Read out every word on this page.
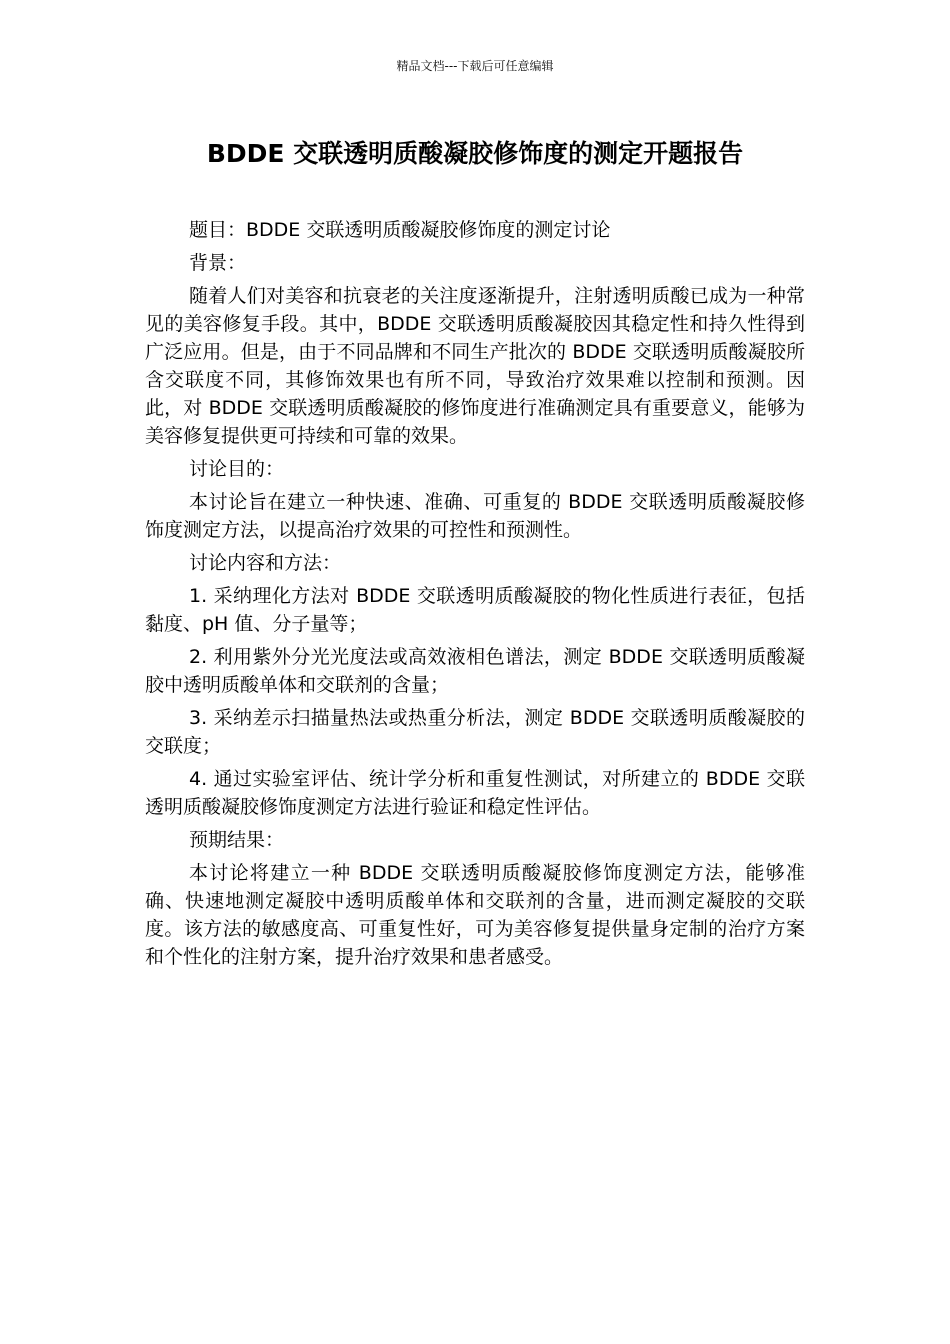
精品文档---下载后可任意编辑
BDDE 交联透明质酸凝胶修饰度的测定开题报告

题目：BDDE 交联透明质酸凝胶修饰度的测定讨论

背景：

随着人们对美容和抗衰老的关注度逐渐提升，注射透明质酸已成为一种常见的美容修复手段。其中，BDDE 交联透明质酸凝胶因其稳定性和持久性得到广泛应用。但是，由于不同品牌和不同生产批次的 BDDE 交联透明质酸凝胶所含交联度不同，其修饰效果也有所不同，导致治疗效果难以控制和预测。因此，对 BDDE 交联透明质酸凝胶的修饰度进行准确测定具有重要意义，能够为美容修复提供更可持续和可靠的效果。

讨论目的：

本讨论旨在建立一种快速、准确、可重复的 BDDE 交联透明质酸凝胶修饰度测定方法，以提高治疗效果的可控性和预测性。

讨论内容和方法：

1. 采纳理化方法对 BDDE 交联透明质酸凝胶的物化性质进行表征，包括黏度、pH 值、分子量等；

2. 利用紫外分光光度法或高效液相色谱法，测定 BDDE 交联透明质酸凝胶中透明质酸单体和交联剂的含量；

3. 采纳差示扫描量热法或热重分析法，测定 BDDE 交联透明质酸凝胶的交联度；

4. 通过实验室评估、统计学分析和重复性测试，对所建立的 BDDE 交联透明质酸凝胶修饰度测定方法进行验证和稳定性评估。

预期结果：

本讨论将建立一种 BDDE 交联透明质酸凝胶修饰度测定方法，能够准确、快速地测定凝胶中透明质酸单体和交联剂的含量，进而测定凝胶的交联度。该方法的敏感度高、可重复性好，可为美容修复提供量身定制的治疗方案和个性化的注射方案，提升治疗效果和患者感受。
